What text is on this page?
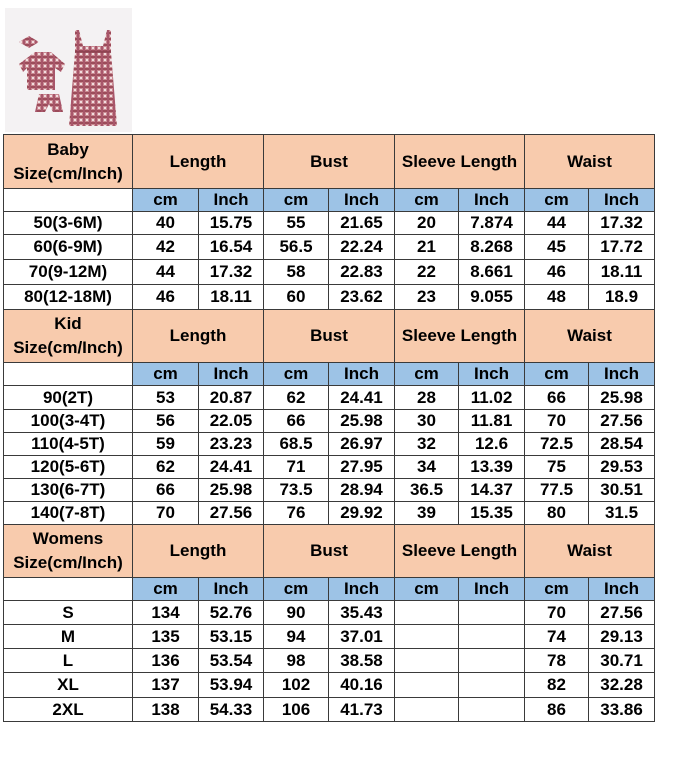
Baby
Size(cm/Inch)	Length		Bust		Sleeve Length		Waist	
	cm	Inch	cm	Inch	cm	Inch	cm	Inch
50(3-6M)	40	15.75	55	21.65	20	7.874	44	17.32
60(6-9M)	42	16.54	56.5	22.24	21	8.268	45	17.72
70(9-12M)	44	17.32	58	22.83	22	8.661	46	18.11
80(12-18M)	46	18.11	60	23.62	23	9.055	48	18.9
Kid
Size(cm/Inch)	Length		Bust		Sleeve Length		Waist	
	cm	Inch	cm	Inch	cm	Inch	cm	Inch
90(2T)	53	20.87	62	24.41	28	11.02	66	25.98
100(3-4T)	56	22.05	66	25.98	30	11.81	70	27.56
110(4-5T)	59	23.23	68.5	26.97	32	12.6	72.5	28.54
120(5-6T)	62	24.41	71	27.95	34	13.39	75	29.53
130(6-7T)	66	25.98	73.5	28.94	36.5	14.37	77.5	30.51
140(7-8T)	70	27.56	76	29.92	39	15.35	80	31.5
Womens
Size(cm/Inch)	Length		Bust		Sleeve Length		Waist	
	cm	Inch	cm	Inch	cm	Inch	cm	Inch
S	134	52.76	90	35.43			70	27.56
M	135	53.15	94	37.01			74	29.13
L	136	53.54	98	38.58			78	30.71
XL	137	53.94	102	40.16			82	32.28
2XL	138	54.33	106	41.73			86	33.86
